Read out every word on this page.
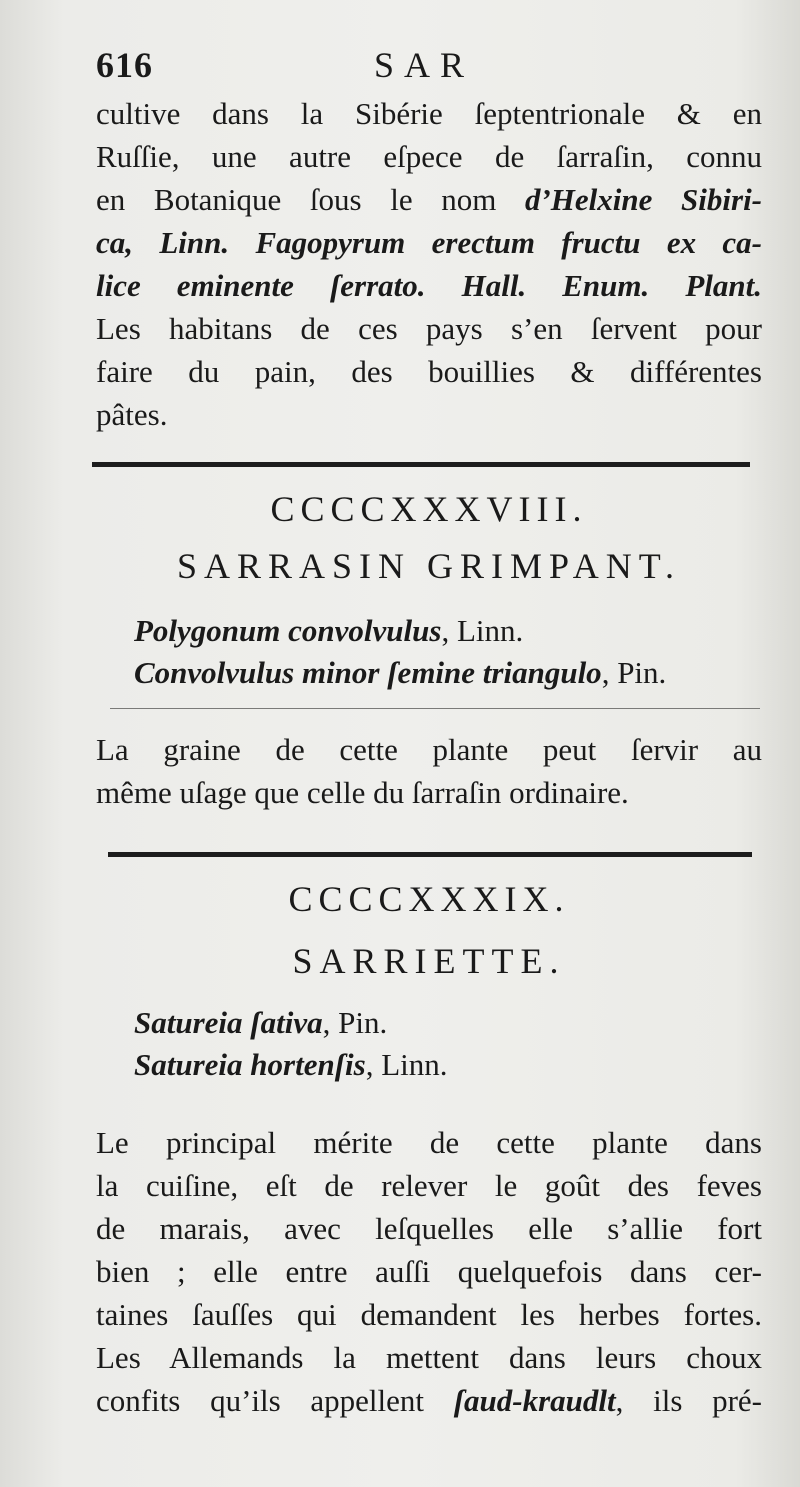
616	SAR
cultive dans la Sibérie ſeptentrionale & en
Ruſſie, une autre eſpece de ſarraſin, connu
en Botanique ſous le nom d’Helxine Sibiri-
ca, Linn. Fagopyrum erectum fructu ex ca-
lice eminente ſerrato. Hall. Enum. Plant.
Les habitans de ces pays s’en ſervent pour
faire du pain, des bouillies & différentes
pâtes.
CCCCXXXVIII.
SARRASIN GRIMPANT.
Polygonum convolvulus, Linn.
Convolvulus minor ſemine triangulo, Pin.
La graine de cette plante peut ſervir au
même uſage que celle du ſarraſin ordinaire.
CCCCXXXIX.
SARRIETTE.
Satureia ſativa, Pin.
Satureia hortenſis, Linn.
Le principal mérite de cette plante dans
la cuiſine, eſt de relever le goût des feves
de marais, avec leſquelles elle s’allie fort
bien ; elle entre auſſi quelquefois dans cer-
taines ſauſſes qui demandent les herbes fortes.
Les Allemands la mettent dans leurs choux
confits qu’ils appellent ſaud-kraudlt, ils pré-
